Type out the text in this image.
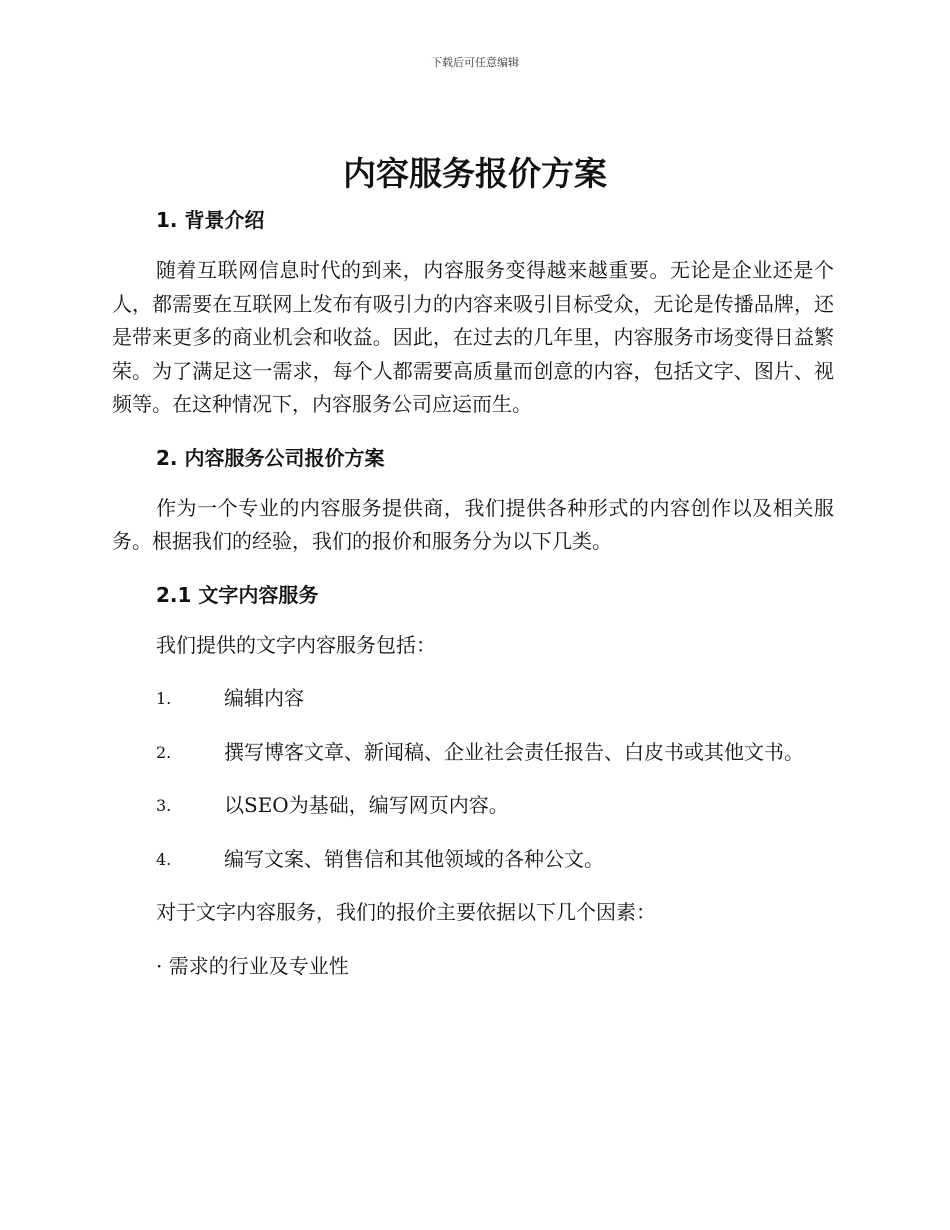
下载后可任意编辑
内容服务报价方案
1. 背景介绍

随着互联网信息时代的到来，内容服务变得越来越重要。无论是企业还是个人，都需要在互联网上发布有吸引力的内容来吸引目标受众，无论是传播品牌，还是带来更多的商业机会和收益。因此，在过去的几年里，内容服务市场变得日益繁荣。为了满足这一需求，每个人都需要高质量而创意的内容，包括文字、图片、视频等。在这种情况下，内容服务公司应运而生。

2. 内容服务公司报价方案

作为一个专业的内容服务提供商，我们提供各种形式的内容创作以及相关服务。根据我们的经验，我们的报价和服务分为以下几类。

2.1 文字内容服务
我们提供的文字内容服务包括：
1.	编辑内容
2.	撰写博客文章、新闻稿、企业社会责任报告、白皮书或其他文书。
3.	以SEO为基础，编写网页内容。
4.	编写文案、销售信和其他领域的各种公文。
对于文字内容服务，我们的报价主要依据以下几个因素：
· 需求的行业及专业性
